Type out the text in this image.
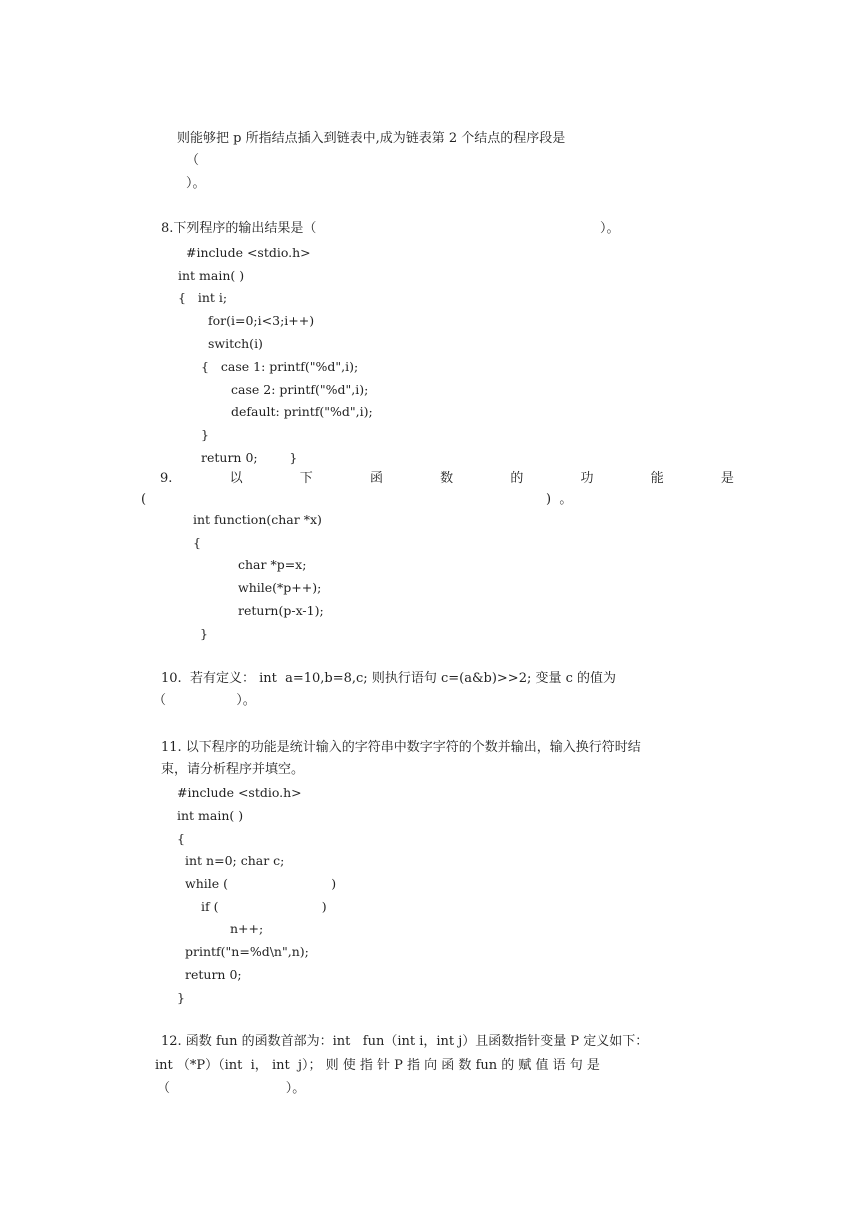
则能够把 p 所指结点插入到链表中,成为链表第 2 个结点的程序段是
（
）。
8.下列程序的输出结果是（	）。
#include <stdio.h>
int main( )
{   int i;
for(i=0;i<3;i++)
switch(i)
{   case 1: printf("%d",i);
case 2: printf("%d",i);
default: printf("%d",i);
}
return 0;        }
9.	以	下	函	数	的	功	能	是
(	)  。
int function(char *x)
{
char *p=x;
while(*p++);
return(p-x-1);
}
10.  若有定义： int  a=10,b=8,c; 则执行语句 c=(a&b)>>2; 变量 c 的值为
（                 ）。
11. 以下程序的功能是统计输入的字符串中数字字符的个数并输出，输入换行符时结
束，请分析程序并填空。
#include <stdio.h>
int main( )
{
int n=0; char c;
while (                          )
if (                          )
n++;
printf("n=%d\n",n);
return 0;
}
12. 函数 fun 的函数首部为：int   fun（int i，int j）且函数指针变量 P 定义如下：
int （*P）（int  i， int  j）； 则 使 指 针 P 指 向 函 数 fun 的 赋 值 语 句 是
（                            ）。
